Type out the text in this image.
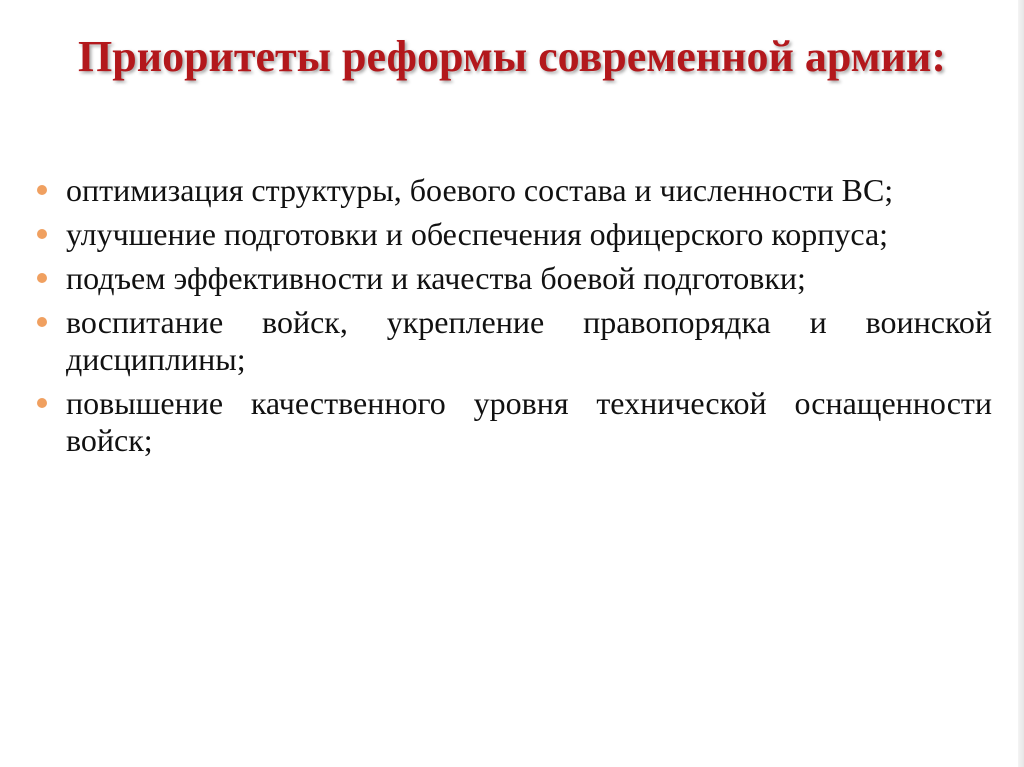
Приоритеты реформы современной армии:
оптимизация структуры, боевого состава и численности ВС;
улучшение подготовки и обеспечения офицерского корпуса;
подъем эффективности и качества боевой подготовки;
воспитание войск, укрепление правопорядка и воинской дисциплины;
повышение качественного уровня технической оснащенности войск;
